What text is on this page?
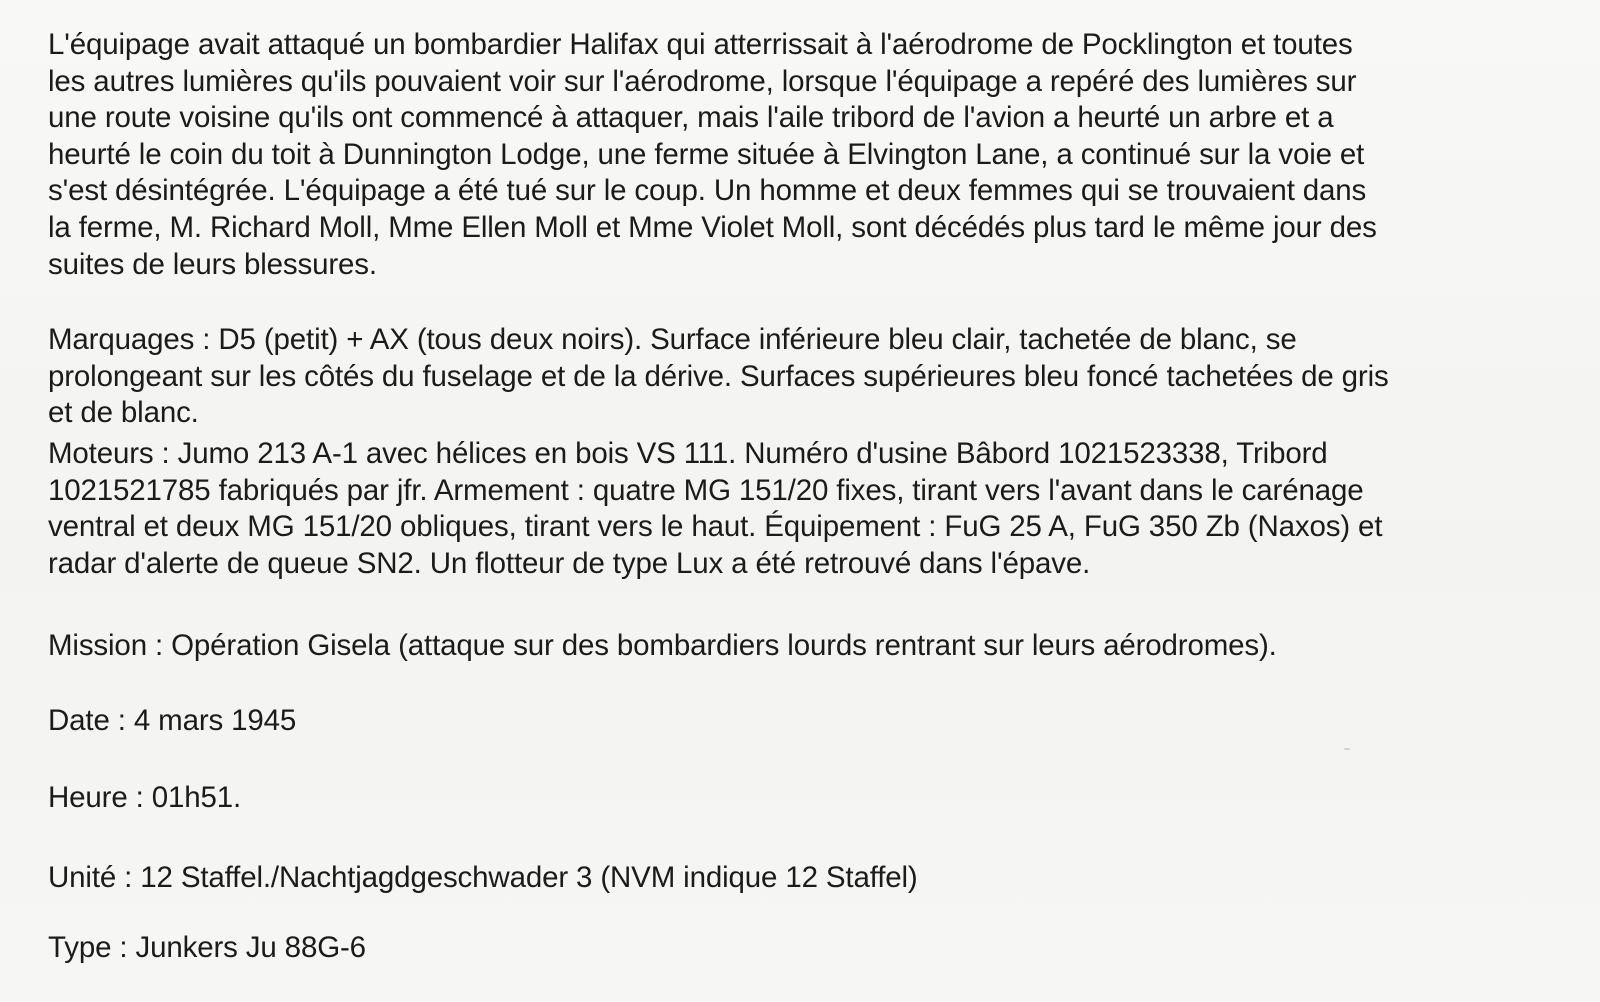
L'équipage avait attaqué un bombardier Halifax qui atterrissait à l'aérodrome de Pocklington et toutes
les autres lumières qu'ils pouvaient voir sur l'aérodrome, lorsque l'équipage a repéré des lumières sur
une route voisine qu'ils ont commencé à attaquer, mais l'aile tribord de l'avion a heurté un arbre et a
heurté le coin du toit à Dunnington Lodge, une ferme située à Elvington Lane, a continué sur la voie et
s'est désintégrée. L'équipage a été tué sur le coup. Un homme et deux femmes qui se trouvaient dans
la ferme, M. Richard Moll, Mme Ellen Moll et Mme Violet Moll, sont décédés plus tard le même jour des
suites de leurs blessures.
Marquages : D5 (petit) + AX (tous deux noirs). Surface inférieure bleu clair, tachetée de blanc, se
prolongeant sur les côtés du fuselage et de la dérive. Surfaces supérieures bleu foncé tachetées de gris
et de blanc.
Moteurs : Jumo 213 A-1 avec hélices en bois VS 111. Numéro d'usine Bâbord 1021523338, Tribord
1021521785 fabriqués par jfr. Armement : quatre MG 151/20 fixes, tirant vers l'avant dans le carénage
ventral et deux MG 151/20 obliques, tirant vers le haut. Équipement : FuG 25 A, FuG 350 Zb (Naxos) et
radar d'alerte de queue SN2. Un flotteur de type Lux a été retrouvé dans l'épave.
Mission : Opération Gisela (attaque sur des bombardiers lourds rentrant sur leurs aérodromes).
Date : 4 mars 1945
Heure : 01h51.
Unité : 12 Staffel./Nachtjagdgeschwader 3 (NVM indique 12 Staffel)
Type : Junkers Ju 88G-6
